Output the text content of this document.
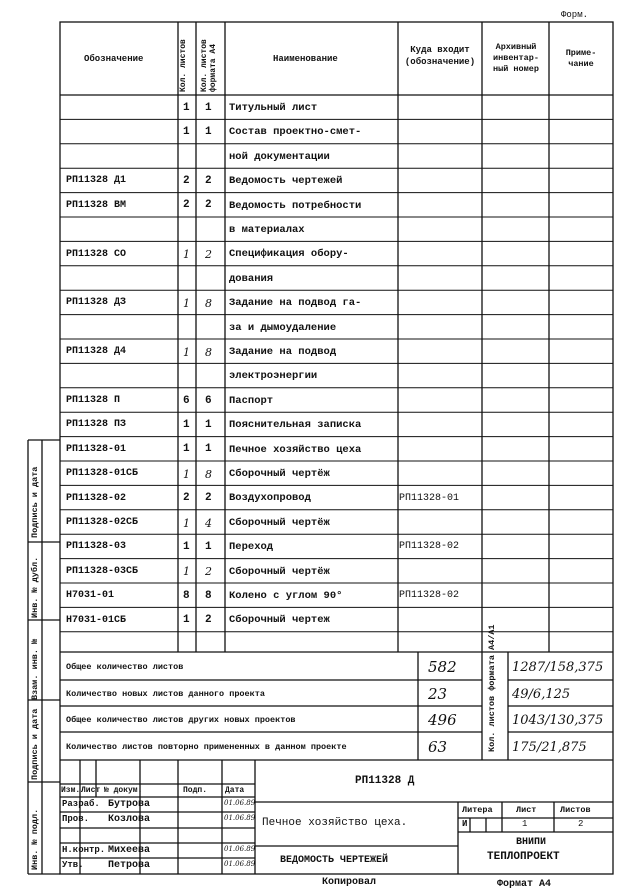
Форм.
Формат А4
Копировал
Обозначение	Кол. листов Кол. листов формата А4	Наименование
Куда входит (обозначение)
Архивный инвентар- ный номер
Приме- чание
1 1 Титульный лист
1 1 Состав проектно-смет-
ной документации
РП11328 Д1	2 2 Ведомость чертежей
РП11328 ВМ	2 2 Ведомость потребности
в материалах
РП11328 СО	1 2 Спецификация обору-
дования
РП11328 ДЗ	1 8 Задание на подвод га-
за и дымоудаление
РП11328 Д4	1 8 Задание на подвод
электроэнергии
РП11328 П	6 6 Паспорт
РП11328 ПЗ	1 1 Пояснительная записка
РП11328-01	1 1 Печное хозяйство цеха
РП11328-01СБ	1 8 Сборочный чертёж
РП11328-02	2 2 Воздухопровод	РП11328-01
РП11328-02СБ	1 4 Сборочный чертёж
РП11328-03	1 1 Переход	РП11328-02
РП11328-03СБ	1 2 Сборочный чертёж
Н7031-01	8 8 Колено с углом 90°	РП11328-02
Н7031-01СБ	1 2 Сборочный чертеж
Общее количество листов	582	1287/158,375
Количество новых листов данного проекта	23	49/6,125
Общее количество листов других новых проектов	496	1043/130,375
Количество листов повторно примененных в данном проекте	63	175/21,875
Кол. листов формата А4/А1
Подпись и дата
Взам. инв. №
Инв. № дубл.
Подпись и дата
Инв. № подл.
РП11328 Д
Изм. Лист № докум.	Подп. Дата
Разраб. Бутрова	01.06.89
Пров. Козлова	01.06.89
Н.контр. Михеева	01.06.89
Утв. Петрова	01.06.89
Печное хозяйство цеха.
ВЕДОМОСТЬ ЧЕРТЕЖЕЙ
Литера
И
Лист
1
Листов
2
ВНИПИ
ТЕПЛОПРОЕКТ
